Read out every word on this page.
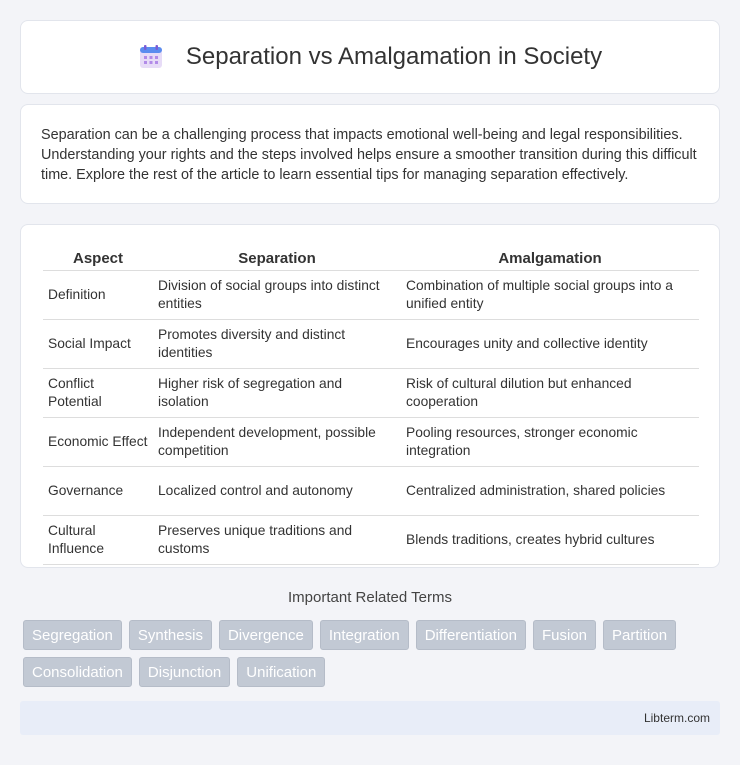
Separation vs Amalgamation in Society

Separation can be a challenging process that impacts emotional well-being and legal responsibilities. Understanding your rights and the steps involved helps ensure a smoother transition during this difficult time. Explore the rest of the article to learn essential tips for managing separation effectively.

Aspect	Separation	Amalgamation
Definition	Division of social groups into distinct entities	Combination of multiple social groups into a unified entity
Social Impact	Promotes diversity and distinct identities	Encourages unity and collective identity
Conflict Potential	Higher risk of segregation and isolation	Risk of cultural dilution but enhanced cooperation
Economic Effect	Independent development, possible competition	Pooling resources, stronger economic integration
Governance	Localized control and autonomy	Centralized administration, shared policies
Cultural Influence	Preserves unique traditions and customs	Blends traditions, creates hybrid cultures
Important Related Terms
Segregation	Synthesis	Divergence	Integration	Differentiation	Fusion	Partition
Consolidation	Disjunction	Unification
Libterm.com
